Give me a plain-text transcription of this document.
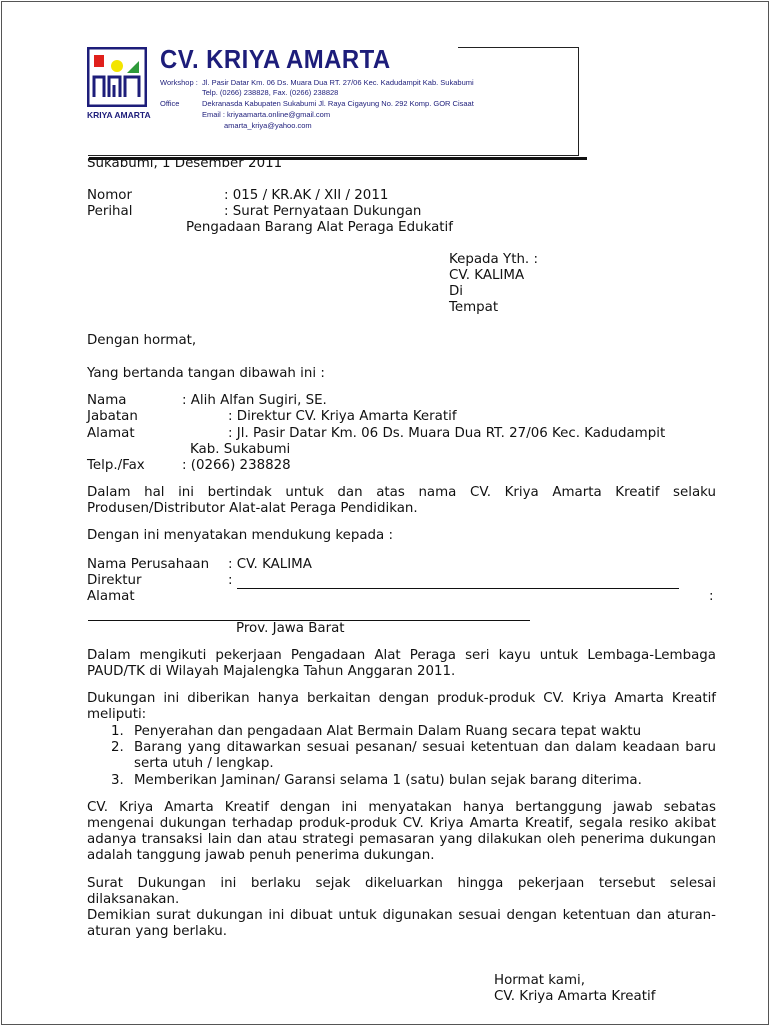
KRIYA AMARTA
CV. KRIYA AMARTA
Workshop : Jl. Pasir Datar Km. 06 Ds. Muara Dua RT. 27/06 Kec. Kadudampit Kab. Sukabumi
Telp. (0266) 238828, Fax. (0266) 238828
Office	Dekranasda Kabupaten Sukabumi Jl. Raya Cigayung No. 292 Komp. GOR Cisaat
Email : kriyaamarta.online@gmail.com
amarta_kriya@yahoo.com
Sukabumi, 1 Desember 2011
Nomor	: 015 / KR.AK / XII / 2011
Perihal	: Surat Pernyataan Dukungan
Pengadaan Barang Alat Peraga Edukatif
Kepada Yth. :
CV. KALIMA
Di
Tempat
Dengan hormat,
Yang bertanda tangan dibawah ini :
Nama	: Alih Alfan Sugiri, SE.
Jabatan	: Direktur CV. Kriya Amarta Keratif
Alamat	: Jl. Pasir Datar Km. 06 Ds. Muara Dua RT. 27/06 Kec. Kadudampit
Kab. Sukabumi
Telp./Fax	: (0266) 238828
Dalam hal ini bertindak untuk dan atas nama CV. Kriya Amarta Kreatif selaku Produsen/Distributor Alat-alat Peraga Pendidikan.
Dengan ini menyatakan mendukung kepada :
Nama Perusahaan : CV. KALIMA
Direktur	:
Alamat	:
Prov. Jawa Barat
Dalam mengikuti pekerjaan Pengadaan Alat Peraga seri kayu untuk Lembaga-Lembaga PAUD/TK di Wilayah Majalengka Tahun Anggaran 2011.
Dukungan ini diberikan hanya berkaitan dengan produk-produk CV. Kriya Amarta Kreatif meliputi:
1. Penyerahan dan pengadaan Alat Bermain Dalam Ruang secara tepat waktu
2. Barang yang ditawarkan sesuai pesanan/ sesuai ketentuan dan dalam keadaan baru serta utuh / lengkap.
3. Memberikan Jaminan/ Garansi selama 1 (satu) bulan sejak barang diterima.
CV. Kriya Amarta Kreatif dengan ini menyatakan hanya bertanggung jawab sebatas mengenai dukungan terhadap produk-produk CV. Kriya Amarta Kreatif, segala resiko akibat adanya transaksi lain dan atau strategi pemasaran yang dilakukan oleh penerima dukungan adalah tanggung jawab penuh penerima dukungan.
Surat Dukungan ini berlaku sejak dikeluarkan hingga pekerjaan tersebut selesai dilaksanakan.
Demikian surat dukungan ini dibuat untuk digunakan sesuai dengan ketentuan dan aturan-aturan yang berlaku.
Hormat kami,
CV. Kriya Amarta Kreatif
